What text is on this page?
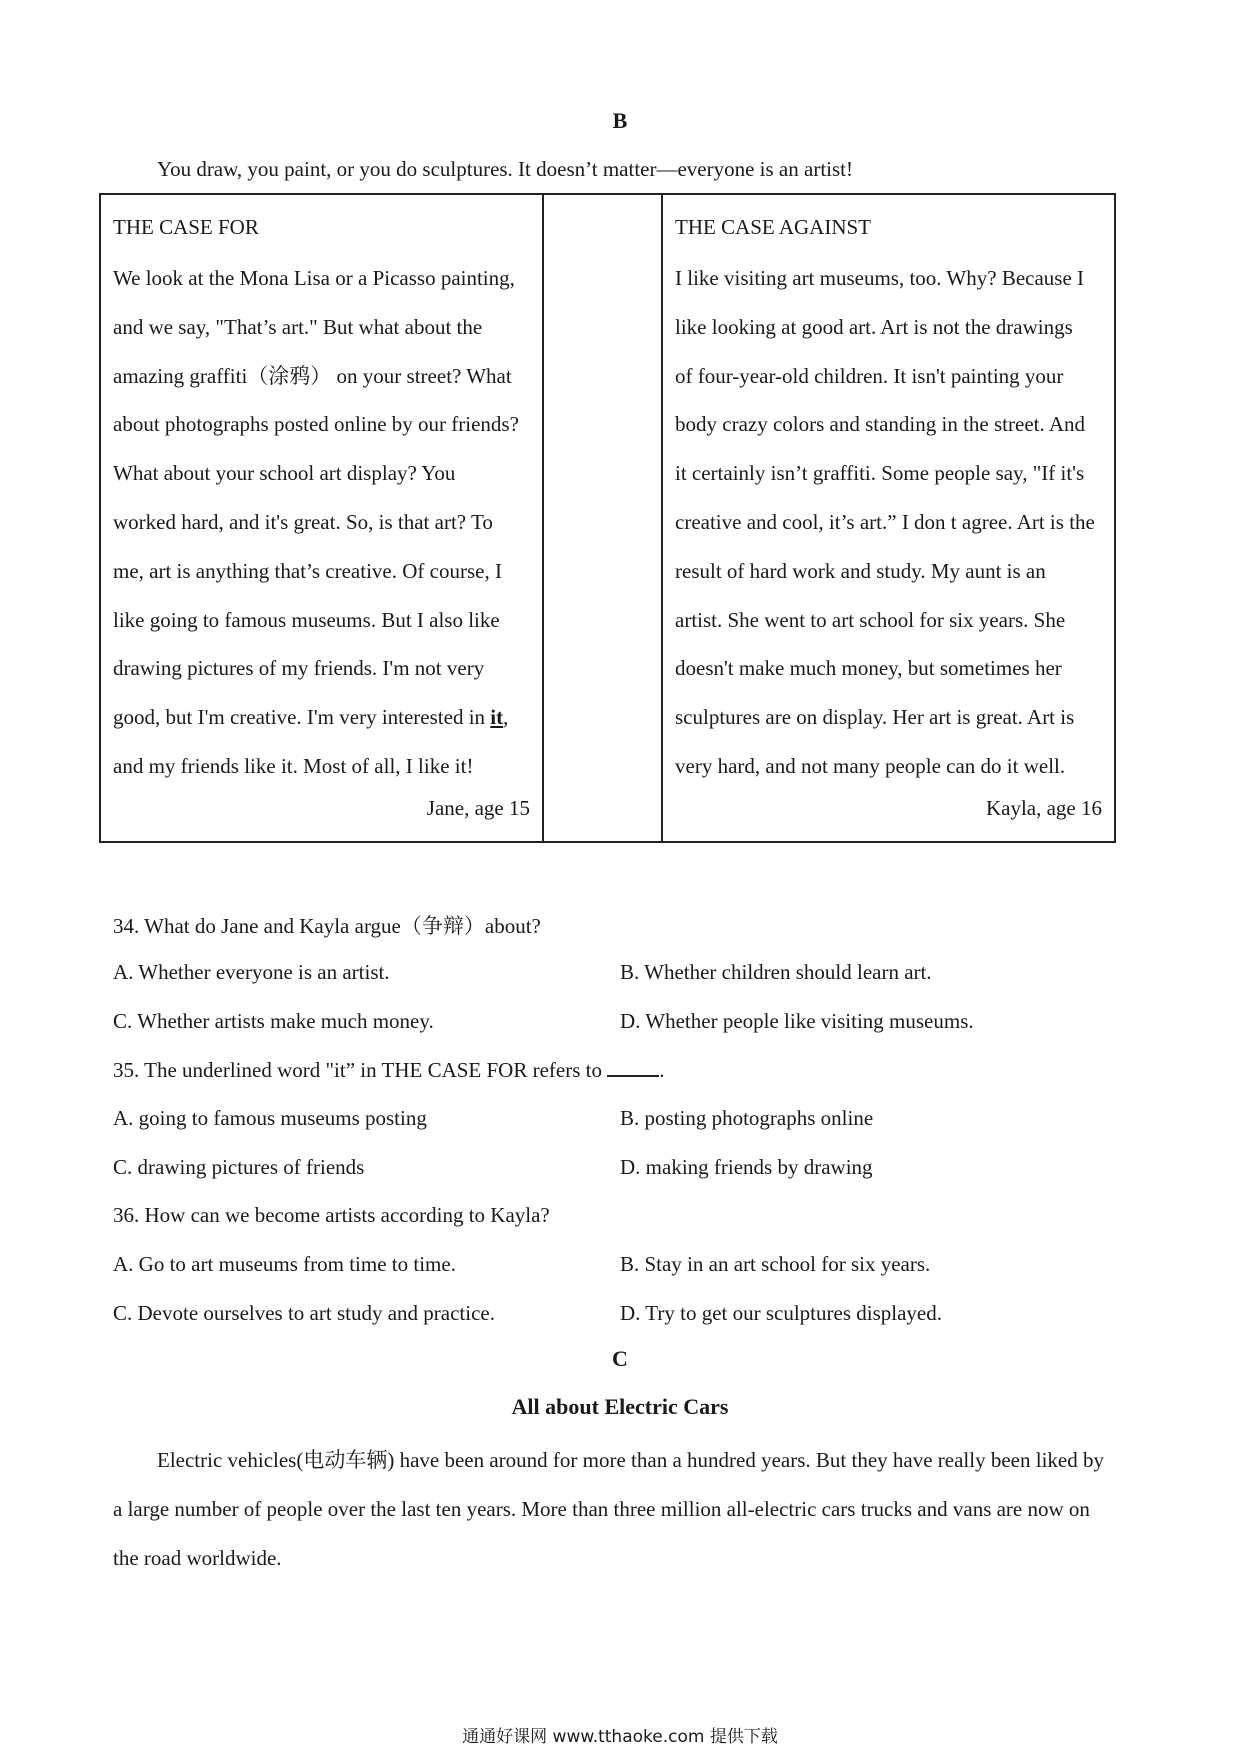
B
You draw, you paint, or you do sculptures. It doesn’t matter—everyone is an artist!
THE CASE FOR
We look at the Mona Lisa or a Picasso painting,
and we say, "That’s art." But what about the
amazing graffiti（涂鸦） on your street? What
about photographs posted online by our friends?
What about your school art display? You
worked hard, and it's great. So, is that art? To
me, art is anything that’s creative. Of course, I
like going to famous museums. But I also like
drawing pictures of my friends. I'm not very
good, but I'm creative. I'm very interested in it,
and my friends like it. Most of all, I like it!
Jane, age 15
THE CASE AGAINST
I like visiting art museums, too. Why? Because I
like looking at good art. Art is not the drawings
of four-year-old children. It isn't painting your
body crazy colors and standing in the street. And
it certainly isn’t graffiti. Some people say, "If it's
creative and cool, it’s art.” I don t agree. Art is the
result of hard work and study. My aunt is an
artist. She went to art school for six years. She
doesn't make much money, but sometimes her
sculptures are on display. Her art is great. Art is
very hard, and not many people can do it well.
Kayla, age 16
34. What do Jane and Kayla argue（争辩）about?
A. Whether everyone is an artist.	B. Whether children should learn art.
C. Whether artists make much money.	D. Whether people like visiting museums.
35. The underlined word "it” in THE CASE FOR refers to .
A. going to famous museums posting	B. posting photographs online
C. drawing pictures of friends	D. making friends by drawing
36. How can we become artists according to Kayla?
A. Go to art museums from time to time.	B. Stay in an art school for six years.
C. Devote ourselves to art study and practice.	D. Try to get our sculptures displayed.
C
All about Electric Cars

Electric vehicles(电动车辆) have been around for more than a hundred years. But they have really been liked by
a large number of people over the last ten years. More than three million all-electric cars trucks and vans are now on
the road worldwide.

通通好课网 www.tthaoke.com 提供下载
